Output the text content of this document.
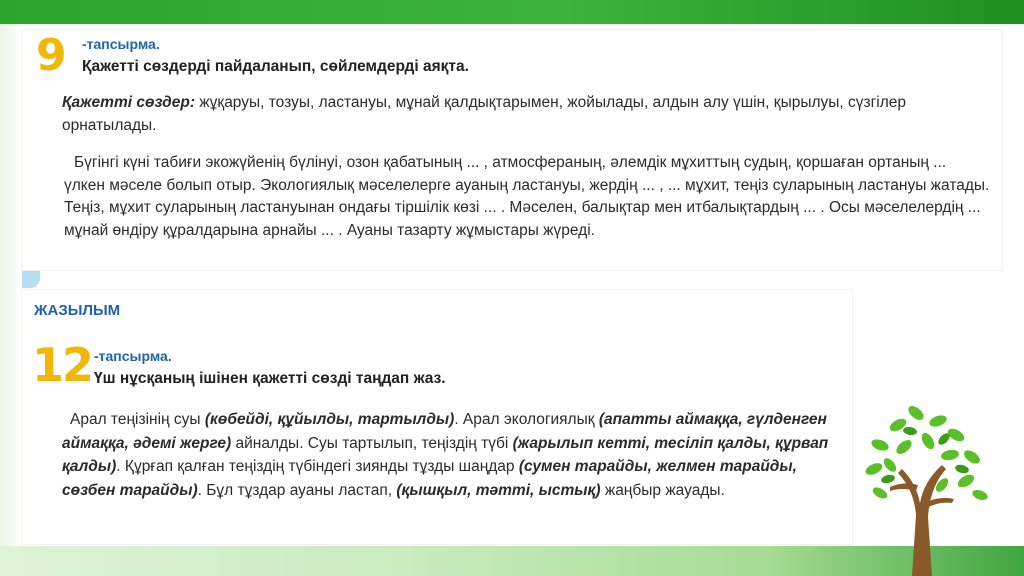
9 -тапсырма.
Қажетті сөздерді пайдаланып, сөйлемдерді аяқта.

Қажетті сөздер: жұқаруы, тозуы, ластануы, мұнай қалдықтарымен, жойылады, алдын алу үшін, қырылуы, сүзгілер орнатылады.

Бүгінгі күні табиғи экожүйенің бүлінуі, озон қабатының ... , атмосфераның, әлемдік мұхиттың судың, қоршаған ортаның ... үлкен мәселе болып отыр. Экологиялық мәселелерге ауаның ластануы, жердің ... , ... мұхит, теңіз суларының ластануы жатады. Теңіз, мұхит суларының ластануынан ондағы тіршілік көзі ... . Мәселен, балықтар мен итбалықтардың ... . Осы мәселелердің ... мұнай өндіру құралдарына арнайы ... . Ауаны тазарту жұмыстары жүреді.

ЖАЗЫЛЫМ
12 -тапсырма.
Үш нұсқаның ішінен қажетті сөзді таңдап жаз.

Арал теңізінің суы (көбейді, құйылды, тартылды). Арал экологиялық (апатты аймаққа, гүлденген аймаққа, әдемі жерге) айналды. Суы тартылып, теңіздің түбі (жарылып кетті, тесіліп қалды, құрвап қалды). Құрғап қалған теңіздің түбіндегі зиянды тұзды шаңдар (сумен тарайды, желмен тарайды, сөзбен тарайды). Бұл тұздар ауаны ластап, (қышқыл, тәтті, ыстық) жаңбыр жауады.
